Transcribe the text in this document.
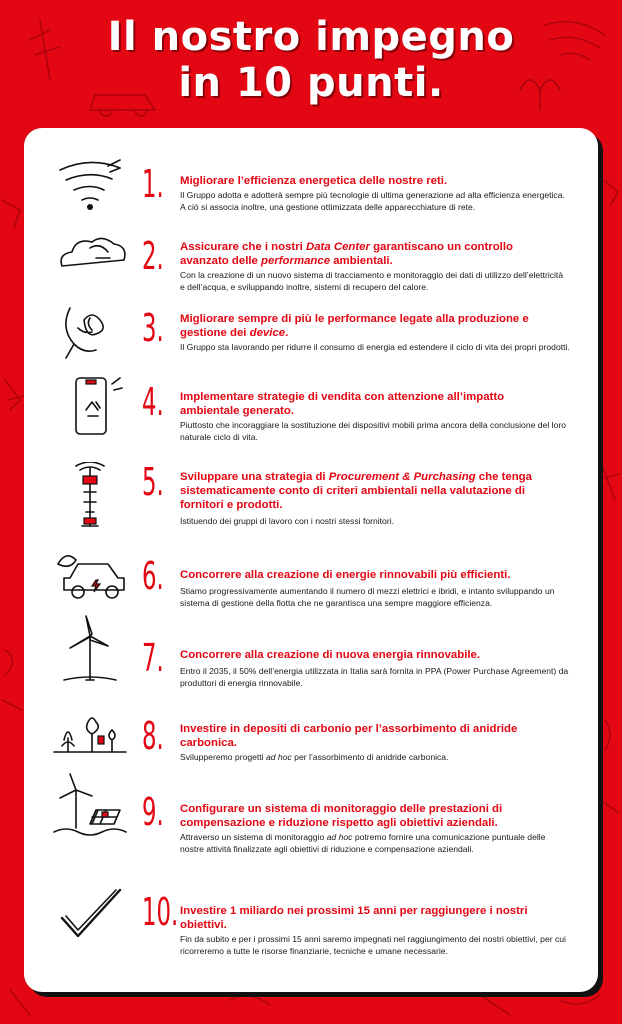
Il nostro impegno
in 10 punti.
1.	Migliorare l’efficienza energetica delle nostre reti.
Il Gruppo adotta e adotterà sempre più tecnologie di ultima generazione ad alta efficienza energetica. A ciò si associa inoltre, una gestione ottimizzata delle apparecchiature di rete.
2.	Assicurare che i nostri Data Center garantiscano un controllo avanzato delle performance ambientali.
Con la creazione di un nuovo sistema di tracciamento e monitoraggio dei dati di utilizzo dell’elettricità e dell’acqua, e sviluppando inoltre, sistemi di recupero del calore.
3.	Migliorare sempre di più le performance legate alla produzione e gestione dei device.
Il Gruppo sta lavorando per ridurre il consumo di energia ed estendere il ciclo di vita dei propri prodotti.
4.	Implementare strategie di vendita con attenzione all’impatto ambientale generato.
Piuttosto che incoraggiare la sostituzione dei dispositivi mobili prima ancora della conclusione del loro naturale ciclo di vita.
5.	Sviluppare una strategia di Procurement & Purchasing che tenga sistematicamente conto di criteri ambientali nella valutazione di fornitori e prodotti.
Istituendo dei gruppi di lavoro con i nostri stessi fornitori.
6.	Concorrere alla creazione di energie rinnovabili più efficienti.
Stiamo progressivamente aumentando il numero di mezzi elettrici e ibridi, e intanto sviluppando un sistema di gestione della flotta che ne garantisca una sempre maggiore efficienza.
7.	Concorrere alla creazione di nuova energia rinnovabile.
Entro il 2035, il 50% dell’energia utilizzata in Italia sarà fornita in PPA (Power Purchase Agreement) da produttori di energia rinnovabile.
8.	Investire in depositi di carbonio per l’assorbimento di anidride carbonica.
Svilupperemo progetti ad hoc per l’assorbimento di anidride carbonica.
9.	Configurare un sistema di monitoraggio delle prestazioni di compensazione e riduzione rispetto agli obiettivi aziendali.
Attraverso un sistema di monitoraggio ad hoc potremo fornire una comunicazione puntuale delle nostre attività finalizzate agli obiettivi di riduzione e compensazione aziendali.
10. Investire 1 miliardo nei prossimi 15 anni per raggiungere i nostri obiettivi.
Fin da subito e per i prossimi 15 anni saremo impegnati nel raggiungimento dei nostri obiettivi, per cui ricorreremo a tutte le risorse finanziarie, tecniche e umane necessarie.
